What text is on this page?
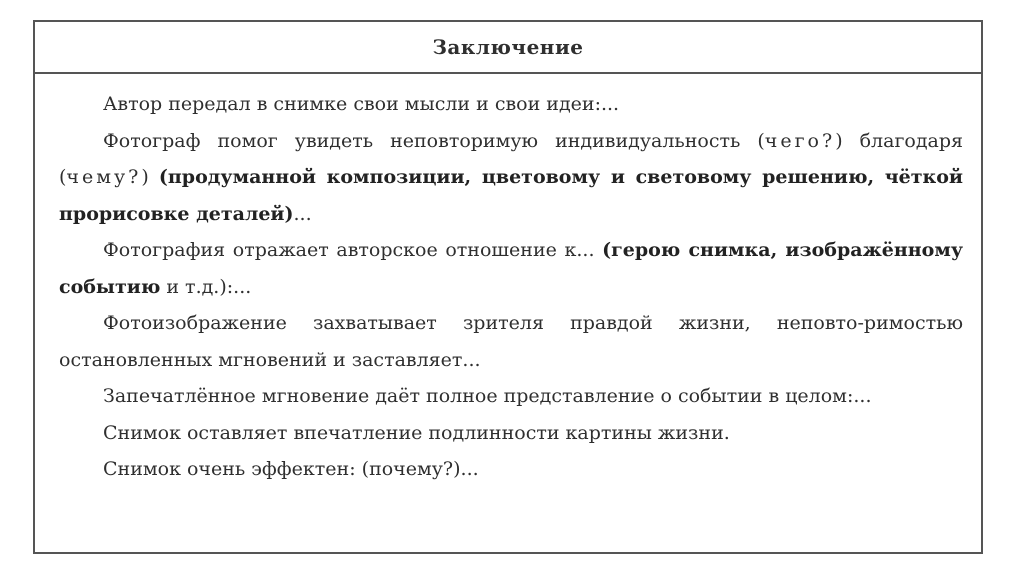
Заключение

Автор передал в снимке свои мысли и свои идеи:...

Фотограф помог увидеть неповторимую индивидуальность (чего?) благодаря (чему?) (продуманной композиции, цветовому и световому решению, чёткой прорисовке деталей)...

Фотография отражает авторское отношение к... (герою снимка, изображённому событию и т.д.):...

Фотоизображение захватывает зрителя правдой жизни, неповто-римостью остановленных мгновений и заставляет...

Запечатлённое мгновение даёт полное представление о событии в целом:...

Снимок оставляет впечатление подлинности картины жизни.

Снимок очень эффектен: (почему?)...
